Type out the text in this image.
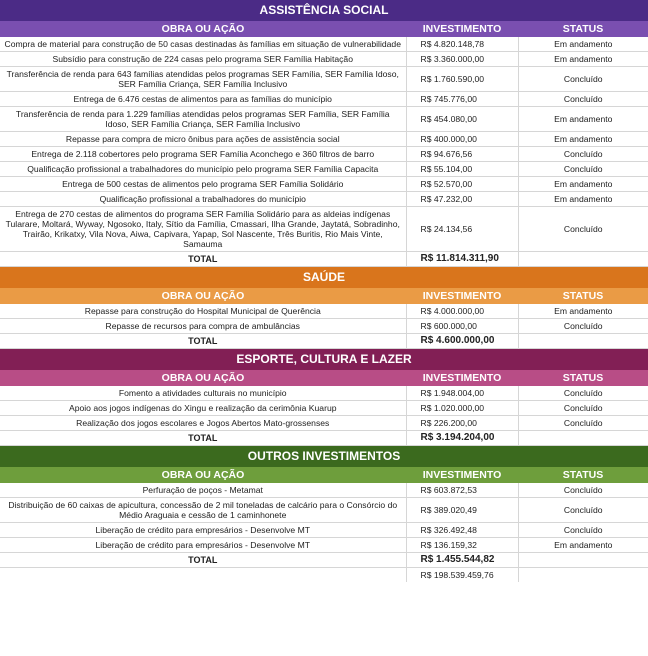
ASSISTÊNCIA SOCIAL
OBRA OU AÇÃO	INVESTIMENTO	STATUS
Compra de material para construção de 50 casas destinadas às famílias em situação de vulnerabilidade	R$ 4.820.148,78	Em andamento
Subsídio para construção de 224 casas pelo programa SER Família Habitação	R$ 3.360.000,00	Em andamento
Transferência de renda para 643 famílias atendidas pelos programas SER Família, SER Família Idoso, SER Família Criança, SER Família Inclusivo	R$ 1.760.590,00	Concluído
Entrega de 6.476 cestas de alimentos para as famílias do município	R$ 745.776,00	Concluído
Transferência de renda para 1.229 famílias atendidas pelos programas SER Família, SER Família Idoso, SER Família Criança, SER Família Inclusivo	R$ 454.080,00	Em andamento
Repasse para compra de micro ônibus para ações de assistência social	R$ 400.000,00	Em andamento
Entrega de 2.118 cobertores pelo programa SER Família Aconchego e 360 filtros de barro	R$ 94.676,56	Concluído
Qualificação profissional a trabalhadores do município pelo programa SER Família Capacita	R$ 55.104,00	Concluído
Entrega de 500 cestas de alimentos pelo programa SER Família Solidário	R$ 52.570,00	Em andamento
Qualificação profissional a trabalhadores do município	R$ 47.232,00	Em andamento
Entrega de 270 cestas de alimentos do programa SER Família Solidário para as aldeias indígenas Tularare, Moltará, Wyway, Ngosoko, Italy, Sítio da Família, Cmassari, Ilha Grande, Jaytatá, Sobradinho, Trairão, Krikatxy, Vila Nova, Aiwa, Capivara, Yapap, Sol Nascente, Três Buritis, Rio Mais Vinte, Samauma	R$ 24.134,56	Concluído
TOTAL	R$ 11.814.311,90	
SAÚDE
OBRA OU AÇÃO	INVESTIMENTO	STATUS
Repasse para construção do Hospital Municipal de Querência	R$ 4.000.000,00	Em andamento
Repasse de recursos para compra de ambulâncias	R$ 600.000,00	Concluído
TOTAL	R$ 4.600.000,00	
ESPORTE, CULTURA E LAZER
OBRA OU AÇÃO	INVESTIMENTO	STATUS
Fomento a atividades culturais no município	R$ 1.948.004,00	Concluído
Apoio aos jogos indígenas do Xingu e realização da cerimônia Kuarup	R$ 1.020.000,00	Concluído
Realização dos jogos escolares e Jogos Abertos Mato-grossenses	R$ 226.200,00	Concluído
TOTAL	R$ 3.194.204,00	
OUTROS INVESTIMENTOS
OBRA OU AÇÃO	INVESTIMENTO	STATUS
Perfuração de poços - Metamat	R$ 603.872,53	Concluído
Distribuição de 60 caixas de apicultura, concessão de 2 mil toneladas de calcário para o Consórcio do Médio Araguaia e cessão de 1 caminhonete	R$ 389.020,49	Concluído
Liberação de crédito para empresários - Desenvolve MT	R$ 326.492,48	Concluído
Liberação de crédito para empresários - Desenvolve MT	R$ 136.159,32	Em andamento
TOTAL	R$ 1.455.544,82	
	R$ 198.539.459,76	
